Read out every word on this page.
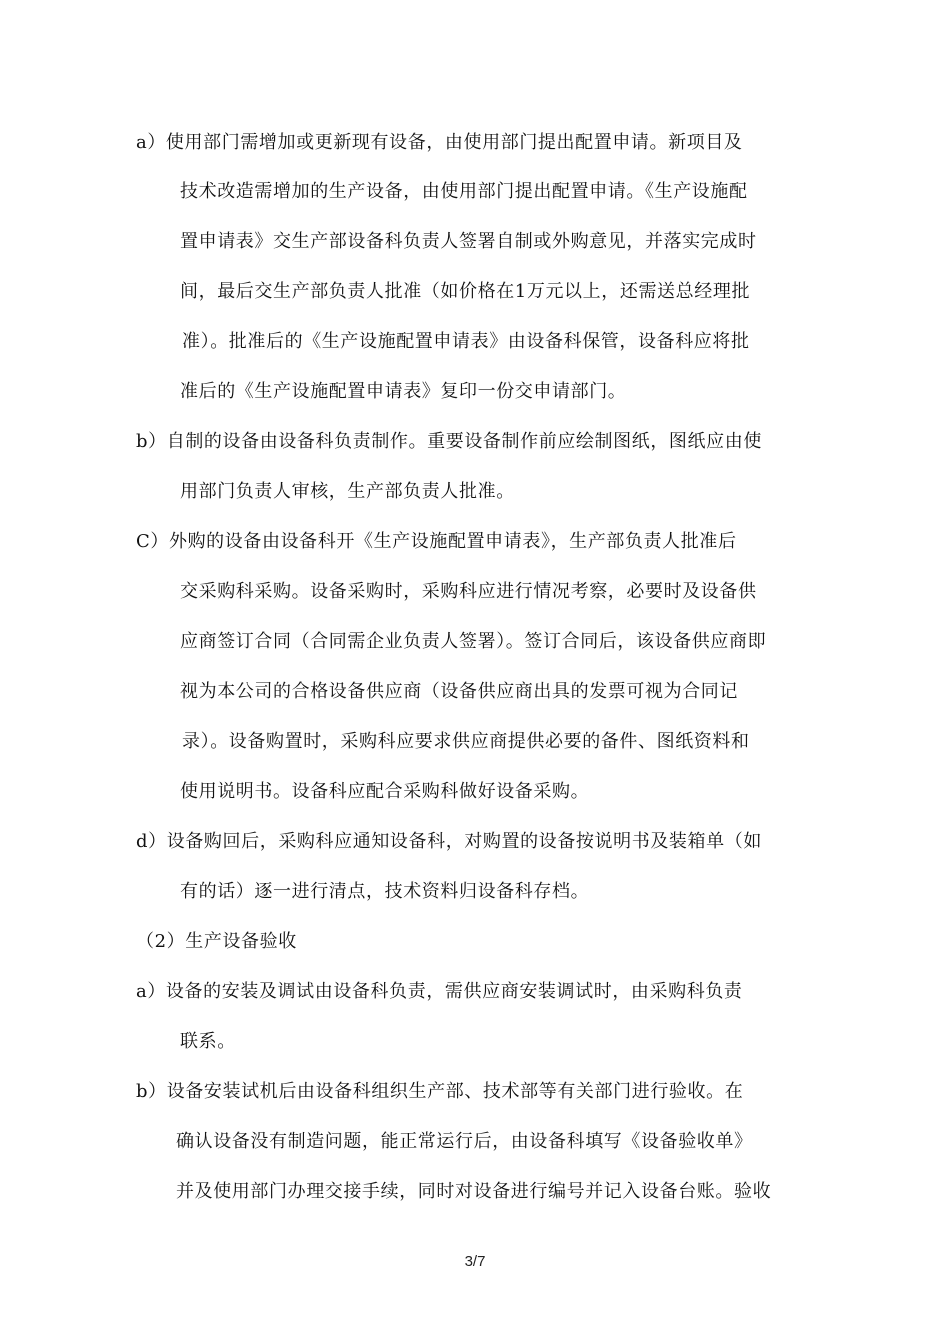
a）使用部门需增加或更新现有设备，由使用部门提出配置申请。新项目及
技术改造需增加的生产设备，由使用部门提出配置申请。《生产设施配
置申请表》交生产部设备科负责人签署自制或外购意见，并落实完成时
间，最后交生产部负责人批准（如价格在1万元以上，还需送总经理批
准）。批准后的《生产设施配置申请表》由设备科保管，设备科应将批
准后的《生产设施配置申请表》复印一份交申请部门。
b）自制的设备由设备科负责制作。重要设备制作前应绘制图纸，图纸应由使
用部门负责人审核，生产部负责人批准。
C）外购的设备由设备科开《生产设施配置申请表》，生产部负责人批准后
交采购科采购。设备采购时，采购科应进行情况考察，必要时及设备供
应商签订合同（合同需企业负责人签署）。签订合同后，该设备供应商即
视为本公司的合格设备供应商（设备供应商出具的发票可视为合同记
录）。设备购置时，采购科应要求供应商提供必要的备件、图纸资料和
使用说明书。设备科应配合采购科做好设备采购。
d）设备购回后，采购科应通知设备科，对购置的设备按说明书及装箱单（如
有的话）逐一进行清点，技术资料归设备科存档。
（2）生产设备验收
a）设备的安装及调试由设备科负责，需供应商安装调试时，由采购科负责
联系。
b）设备安装试机后由设备科组织生产部、技术部等有关部门进行验收。在
确认设备没有制造问题，能正常运行后，由设备科填写《设备验收单》
并及使用部门办理交接手续，同时对设备进行编号并记入设备台账。验收
3/7
